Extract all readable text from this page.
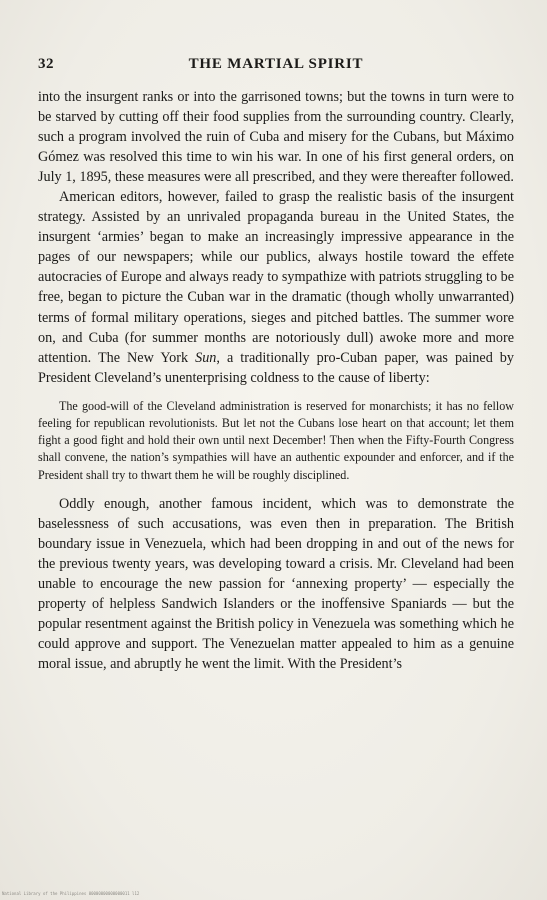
32	THE MARTIAL SPIRIT

into the insurgent ranks or into the garrisoned towns; but the towns in turn were to be starved by cutting off their food supplies from the surrounding country. Clearly, such a program involved the ruin of Cuba and misery for the Cubans, but Máximo Gómez was resolved this time to win his war. In one of his first general orders, on July 1, 1895, these measures were all prescribed, and they were thereafter followed.

American editors, however, failed to grasp the realistic basis of the insurgent strategy. Assisted by an unrivaled propaganda bureau in the United States, the insurgent ‘armies’ began to make an increasingly impressive appearance in the pages of our newspapers; while our publics, always hostile toward the effete autocracies of Europe and always ready to sympathize with patriots struggling to be free, began to picture the Cuban war in the dramatic (though wholly unwarranted) terms of formal military operations, sieges and pitched battles. The summer wore on, and Cuba (for summer months are notoriously dull) awoke more and more attention. The New York Sun, a traditionally pro-Cuban paper, was pained by President Cleveland’s unenterprising coldness to the cause of liberty:

The good-will of the Cleveland administration is reserved for monarchists; it has no fellow feeling for republican revolutionists. But let not the Cubans lose heart on that account; let them fight a good fight and hold their own until next December! Then when the Fifty-Fourth Congress shall convene, the nation’s sympathies will have an authentic expounder and enforcer, and if the President shall try to thwart them he will be roughly disciplined.

Oddly enough, another famous incident, which was to demonstrate the baselessness of such accusations, was even then in preparation. The British boundary issue in Venezuela, which had been dropping in and out of the news for the previous twenty years, was developing toward a crisis. Mr. Cleveland had been unable to encourage the new passion for ‘annexing property’ — especially the property of helpless Sandwich Islanders or the inoffensive Spaniards — but the popular resentment against the British policy in Venezuela was something which he could approve and support. The Venezuelan matter appealed to him as a genuine moral issue, and abruptly he went the limit. With the President’s

National Library of the Philippines 00000000000000011 l12
